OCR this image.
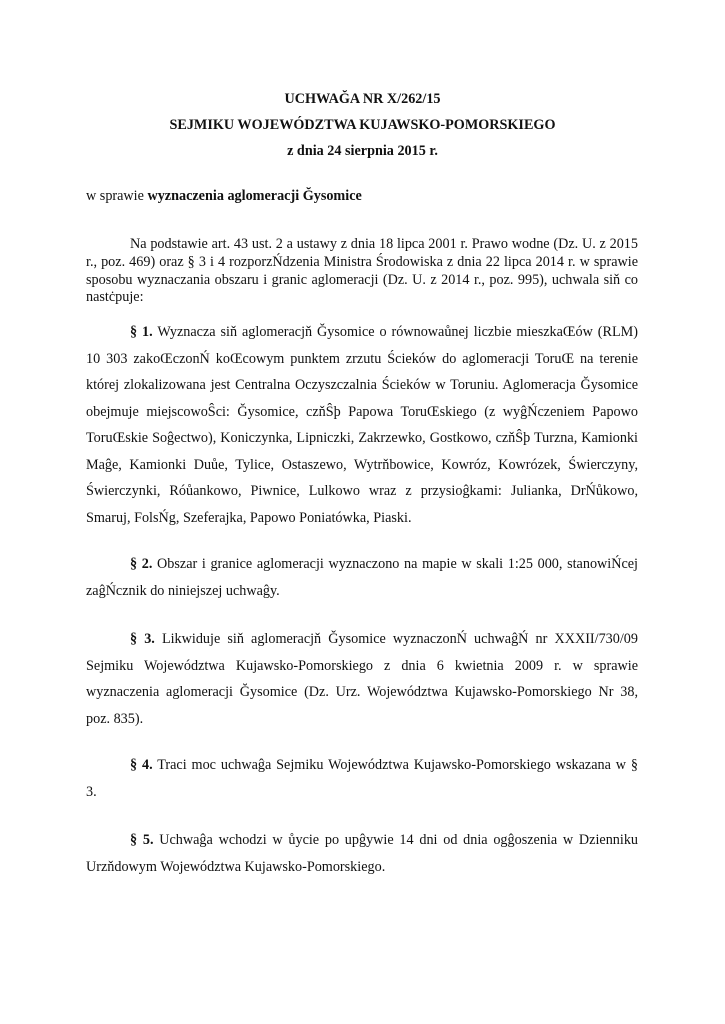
UCHWAĞA NR X/262/15
SEJMIKU WOJEWÓDZTWA KUJAWSKO-POMORSKIEGO
z dnia 24 sierpnia 2015 r.
w sprawie wyznaczenia aglomeracji Ğysomice
Na podstawie art. 43 ust. 2 a ustawy z dnia 18 lipca 2001 r. Prawo wodne (Dz. U. z 2015 r., poz. 469) oraz § 3 i 4 rozporzŃdzenia Ministra Środowiska z dnia 22 lipca 2014 r. w sprawie sposobu wyznaczania obszaru i granic aglomeracji (Dz. U. z 2014 r., poz. 995), uchwala siň co nastċpuje:
§ 1. Wyznacza siň aglomeracjň Ğysomice o równowaůnej liczbie mieszkaŒów (RLM) 10 303 zakoŒczonŃ koŒcowym punktem zrzutu Ścieków do aglomeracji ToruŒ na terenie której zlokalizowana jest Centralna Oczyszczalnia Ścieków w Toruniu. Aglomeracja Ğysomice obejmuje miejscowoŜci: Ğysomice, czňŜþ Papowa ToruŒskiego (z wyĝŃczeniem Papowo ToruŒskie Soĝectwo), Koniczynka, Lipniczki, Zakrzewko, Gostkowo, czňŜþ Turzna, Kamionki Maĝe, Kamionki Duůe, Tylice, Ostaszewo, Wytrňbowice, Kowróz, Kowrózek, Świerczyny, Świerczynki, Róůankowo, Piwnice, Lulkowo wraz z przysioĝkami: Julianka, DrŃůkowo, Smaruj, FolsŃg, Szeferajka, Papowo Poniatówka, Piaski.
§ 2. Obszar i granice aglomeracji wyznaczono na mapie w skali 1:25 000, stanowiŃcej zaĝŃcznik do niniejszej uchwaĝy.
§ 3. Likwiduje siň aglomeracjň Ğysomice wyznaczonŃ uchwaĝŃ nr XXXII/730/09 Sejmiku Województwa Kujawsko-Pomorskiego z dnia 6 kwietnia 2009 r. w sprawie wyznaczenia aglomeracji Ğysomice (Dz. Urz. Województwa Kujawsko-Pomorskiego Nr 38, poz. 835).
§ 4. Traci moc uchwaĝa Sejmiku Województwa Kujawsko-Pomorskiego wskazana w § 3.
§ 5. Uchwaĝa wchodzi w ůycie po upĝywie 14 dni od dnia ogĝoszenia w Dzienniku Urzňdowym Województwa Kujawsko-Pomorskiego.
